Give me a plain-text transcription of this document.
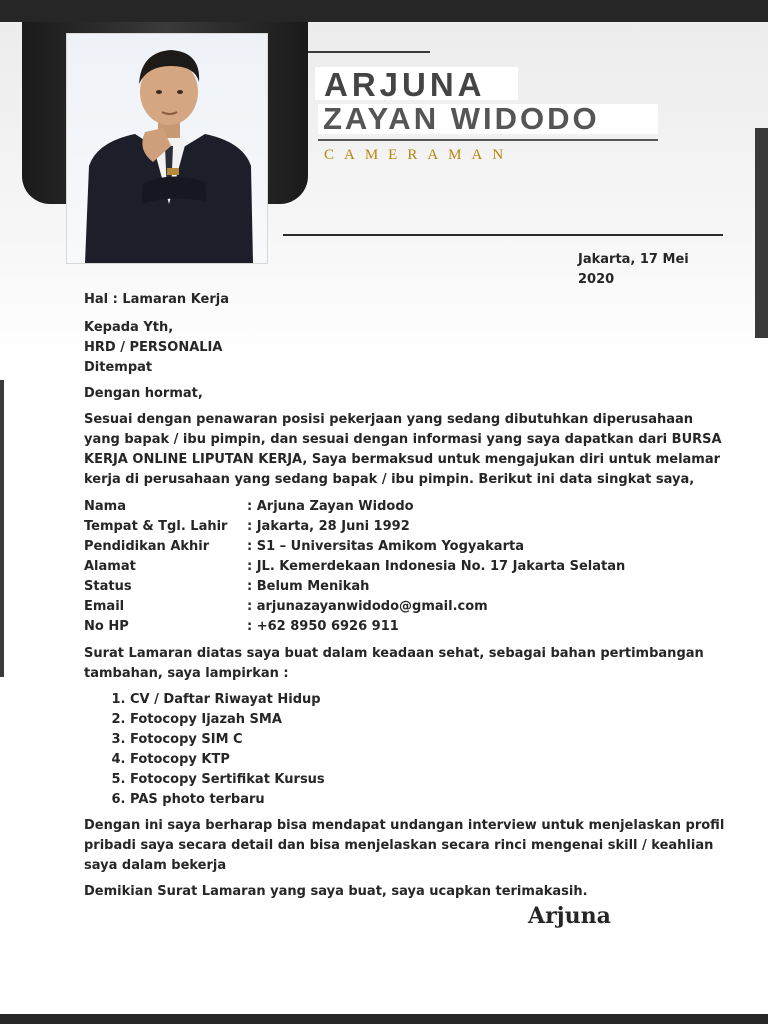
ARJUNA
ZAYAN WIDODO

CAMERAMAN

Jakarta, 17 Mei 2020

Hal : Lamaran Kerja

Kepada Yth,

HRD / PERSONALIA

Ditempat

Dengan hormat,

Sesuai dengan penawaran posisi pekerjaan yang sedang dibutuhkan diperusahaan yang bapak / ibu pimpin, dan sesuai dengan informasi yang saya dapatkan dari BURSA KERJA ONLINE LIPUTAN KERJA, Saya bermaksud untuk mengajukan diri untuk melamar kerja di perusahaan yang sedang bapak / ibu pimpin. Berikut ini data singkat saya,

Nama	: Arjuna Zayan Widodo
Tempat & Tgl. Lahir	: Jakarta, 28 Juni 1992
Pendidikan Akhir	: S1 – Universitas Amikom Yogyakarta
Alamat	: JL. Kemerdekaan Indonesia No. 17 Jakarta Selatan
Status	: Belum Menikah
Email	: arjunazayanwidodo@gmail.com
No HP	: +62 8950 6926 911

Surat Lamaran diatas saya buat dalam keadaan sehat, sebagai bahan pertimbangan tambahan, saya lampirkan :

1. CV / Daftar Riwayat Hidup
2. Fotocopy Ijazah SMA
3. Fotocopy SIM C
4. Fotocopy KTP
5. Fotocopy Sertifikat Kursus
6. PAS photo terbaru

Dengan ini saya berharap bisa mendapat undangan interview untuk menjelaskan profil pribadi saya secara detail dan bisa menjelaskan secara rinci mengenai skill / keahlian saya dalam bekerja

Demikian Surat Lamaran yang saya buat, saya ucapkan terimakasih.

Arjuna
